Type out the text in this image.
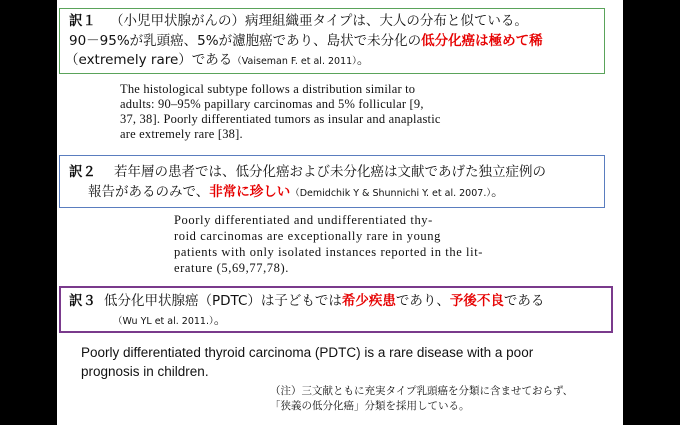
訳１ （小児甲状腺がんの）病理組織亜タイプは、大人の分布と似ている。
90－95%が乳頭癌、5%が濾胞癌であり、島状で未分化の低分化癌は極めて稀
（extremely rare）である（Vaiseman F. et al. 2011）。
The histological subtype follows a distribution similar to
adults: 90–95% papillary carcinomas and 5% follicular [9,
37, 38]. Poorly differentiated tumors as insular and anaplastic
are extremely rare [38].
訳２ 若年層の患者では、低分化癌および未分化癌は文献であげた独立症例の
報告があるのみで、非常に珍しい（Demidchik Y & Shunnichi Y. et al. 2007.）。
Poorly differentiated and undifferentiated thy-
roid carcinomas are exceptionally rare in young
patients with only isolated instances reported in the lit-
erature (5,69,77,78).
訳３ 低分化甲状腺癌（PDTC）は子どもでは希少疾患であり、予後不良である
（Wu YL et al. 2011.）。
Poorly differentiated thyroid carcinoma (PDTC) is a rare disease with a poor
prognosis in children.
（注）三文献ともに充実タイプ乳頭癌を分類に含ませておらず、
「狭義の低分化癌」分類を採用している。
